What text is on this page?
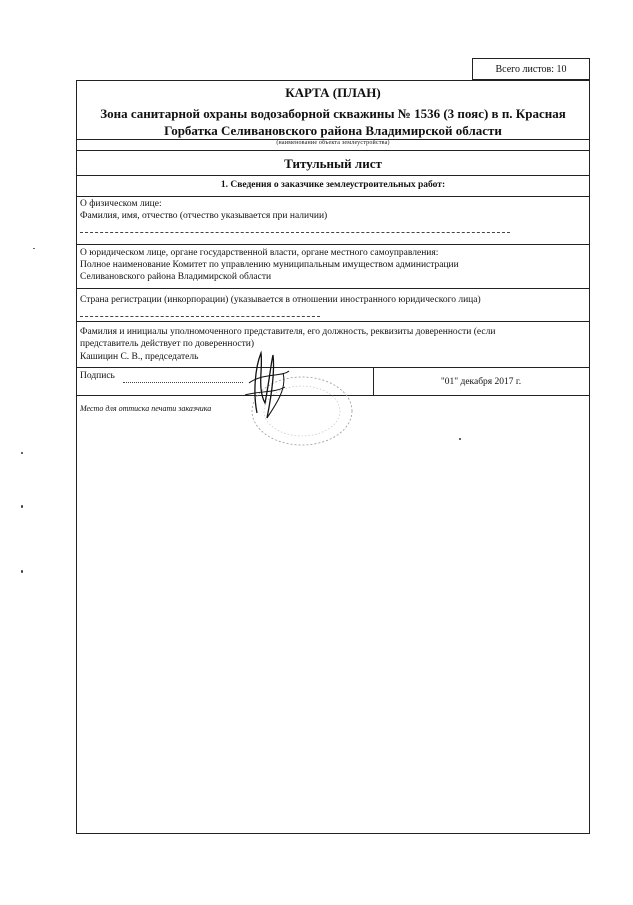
Всего листов:
10
КАРТА (ПЛАН)
Зона санитарной охраны водозаборной скважины № 1536 (3 пояс) в п. Красная
Горбатка Селивановского района Владимирской области
(наименование объекта землеустройства)
Титульный лист
1. Сведения о заказчике землеустроительных работ:
О физическом лице:
Фамилия, имя, отчество (отчество указывается при наличии)
О юридическом лице, органе государственной власти, органе местного самоуправления:
Полное наименование Комитет по управлению муниципальным имуществом администрации
Селивановского района Владимирской области
Страна регистрации (инкорпорации) (указывается в отношении иностранного юридического лица)
Фамилия и инициалы уполномоченного представителя, его должность, реквизиты доверенности (если
представитель действует по доверенности)
Кашицин С. В., председатель
Подпись
"01" декабря 2017 г.
Место для оттиска печати заказчика
